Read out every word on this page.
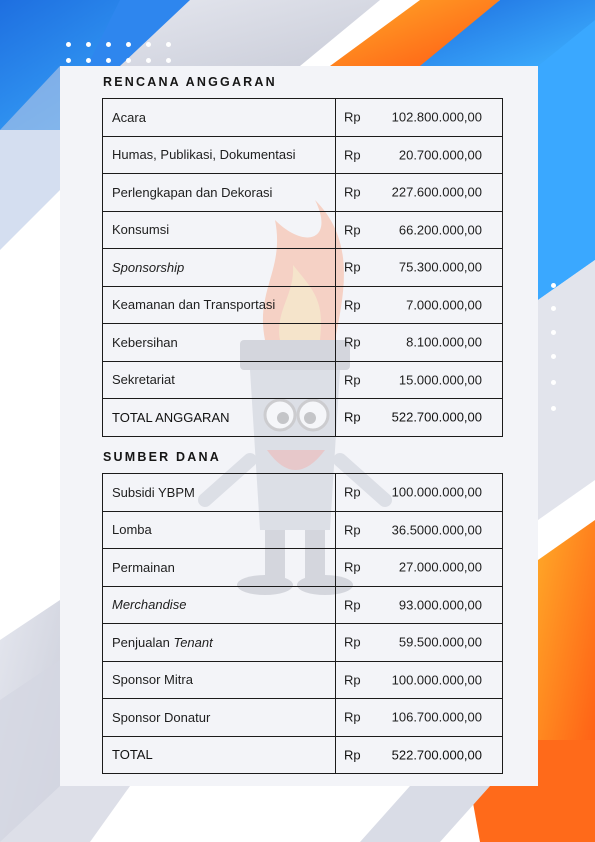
RENCANA ANGGARAN
Acara	Rp 102.800.000,00

Humas, Publikasi, Dokumentasi	Rp 20.700.000,00

Perlengkapan dan Dekorasi	Rp 227.600.000,00

Konsumsi	Rp 66.200.000,00

Sponsorship	Rp 75.300.000,00

Keamanan dan Transportasi	Rp 7.000.000,00

Kebersihan	Rp 8.100.000,00

Sekretariat	Rp 15.000.000,00

TOTAL ANGGARAN	Rp 522.700.000,00
SUMBER DANA
Subsidi YBPM	Rp 100.000.000,00

Lomba	Rp 36.5000.000,00

Permainan	Rp 27.000.000,00

Merchandise	Rp 93.000.000,00

Penjualan Tenant	Rp 59.500.000,00

Sponsor Mitra	Rp 100.000.000,00

Sponsor Donatur	Rp 106.700.000,00

TOTAL	Rp 522.700.000,00
